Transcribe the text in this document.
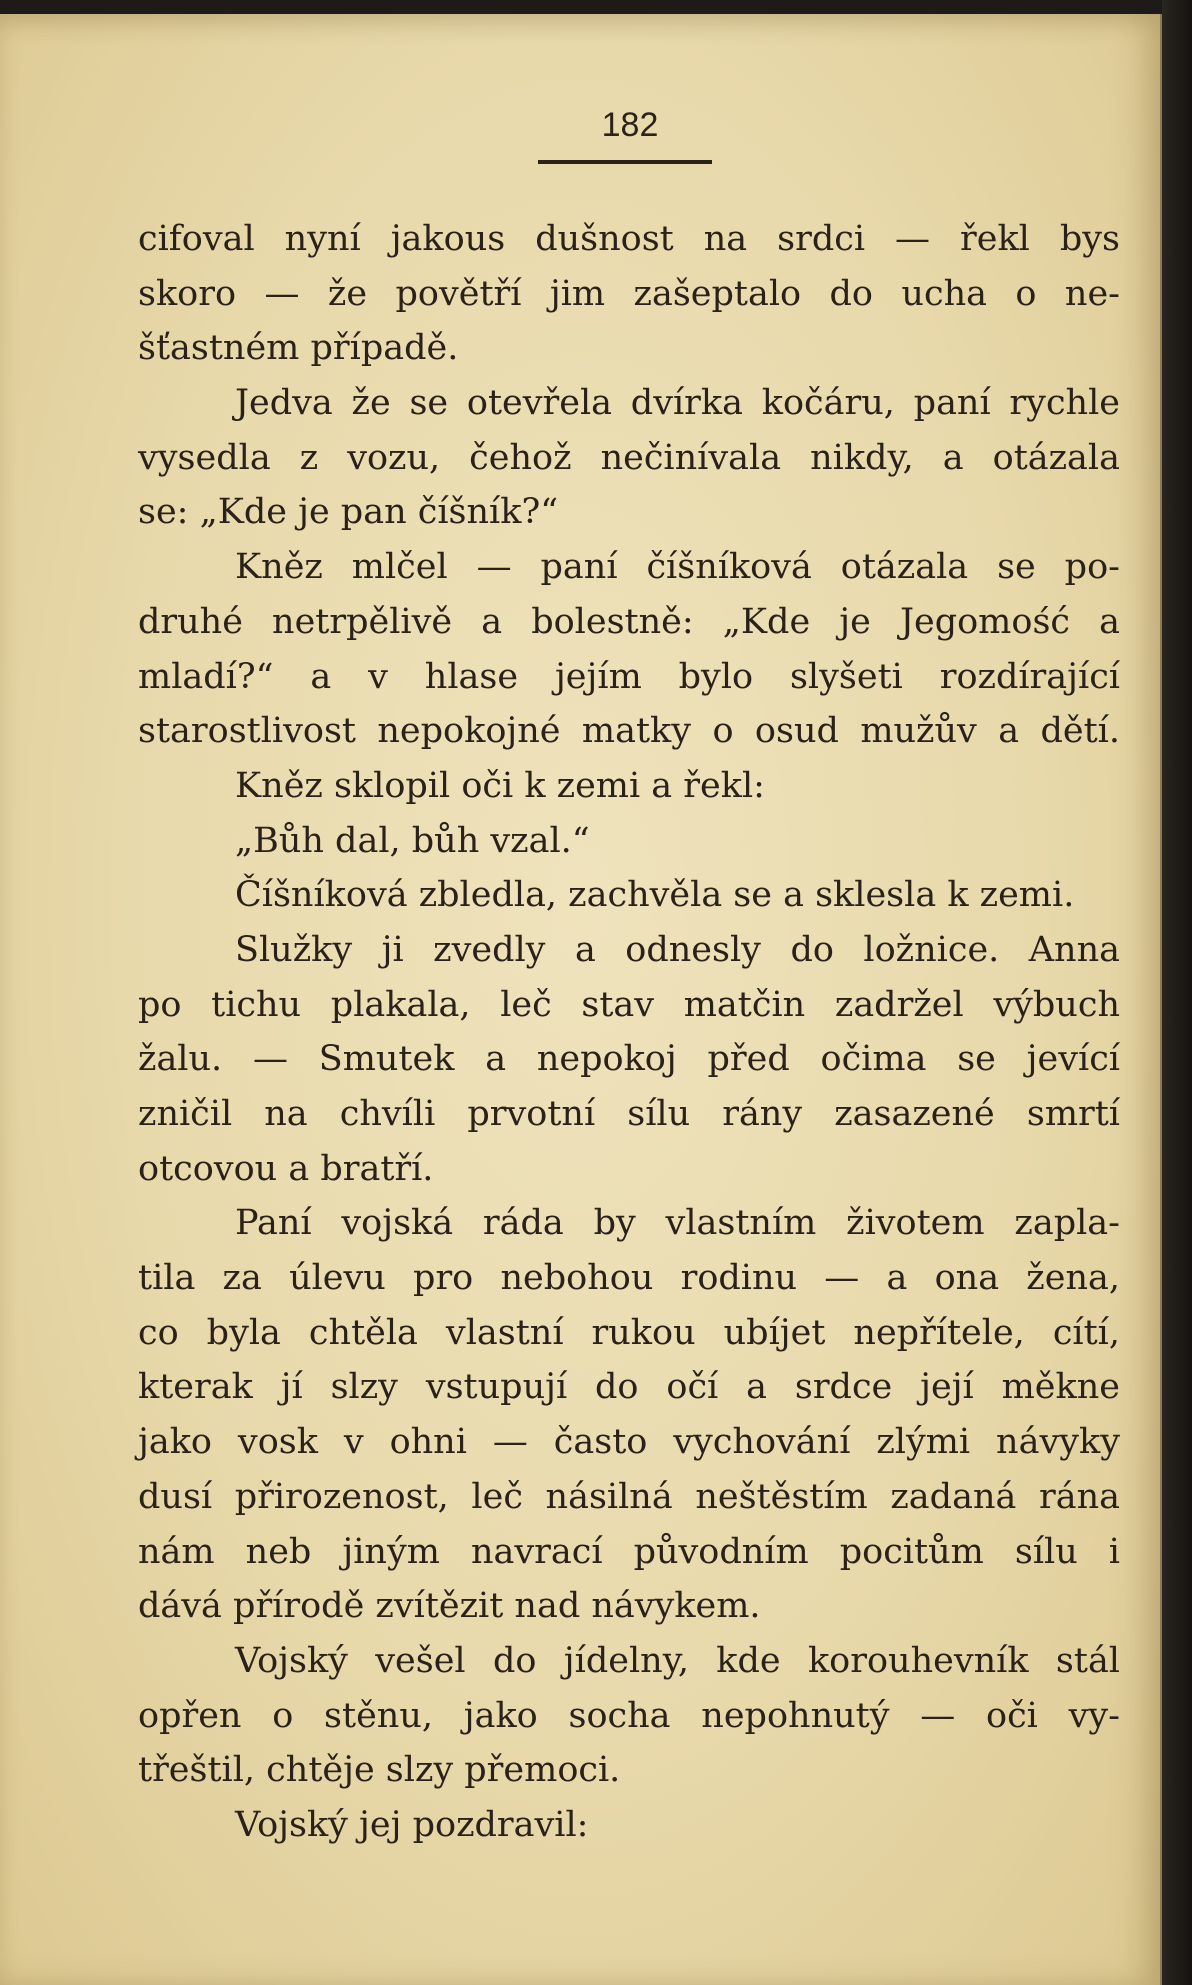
182
cifoval nyní jakous dušnost na srdci — řekl bys
skoro — že povětří jim zašeptalo do ucha o ne-
šťastném případě.
Jedva že se otevřela dvírka kočáru, paní rychle
vysedla z vozu, čehož nečinívala nikdy, a otázala
se: „Kde je pan číšník?“
Kněz mlčel — paní číšníková otázala se po-
druhé netrpělivě a bolestně: „Kde je Jegomość a
mladí?“ a v hlase jejím bylo slyšeti rozdírající
starostlivost nepokojné matky o osud mužův a dětí.
Kněz sklopil oči k zemi a řekl:
„Bůh dal, bůh vzal.“
Číšníková zbledla, zachvěla se a sklesla k zemi.
Služky ji zvedly a odnesly do ložnice. Anna
po tichu plakala, leč stav matčin zadržel výbuch
žalu. — Smutek a nepokoj před očima se jevící
zničil na chvíli prvotní sílu rány zasazené smrtí
otcovou a bratří.
Paní vojská ráda by vlastním životem zapla-
tila za úlevu pro nebohou rodinu — a ona žena,
co byla chtěla vlastní rukou ubíjet nepřítele, cítí,
kterak jí slzy vstupují do očí a srdce její měkne
jako vosk v ohni — často vychování zlými návyky
dusí přirozenost, leč násilná neštěstím zadaná rána
nám neb jiným navrací původním pocitům sílu i
dává přírodě zvítězit nad návykem.
Vojský vešel do jídelny, kde korouhevník stál
opřen o stěnu, jako socha nepohnutý — oči vy-
třeštil, chtěje slzy přemoci.
Vojský jej pozdravil:
